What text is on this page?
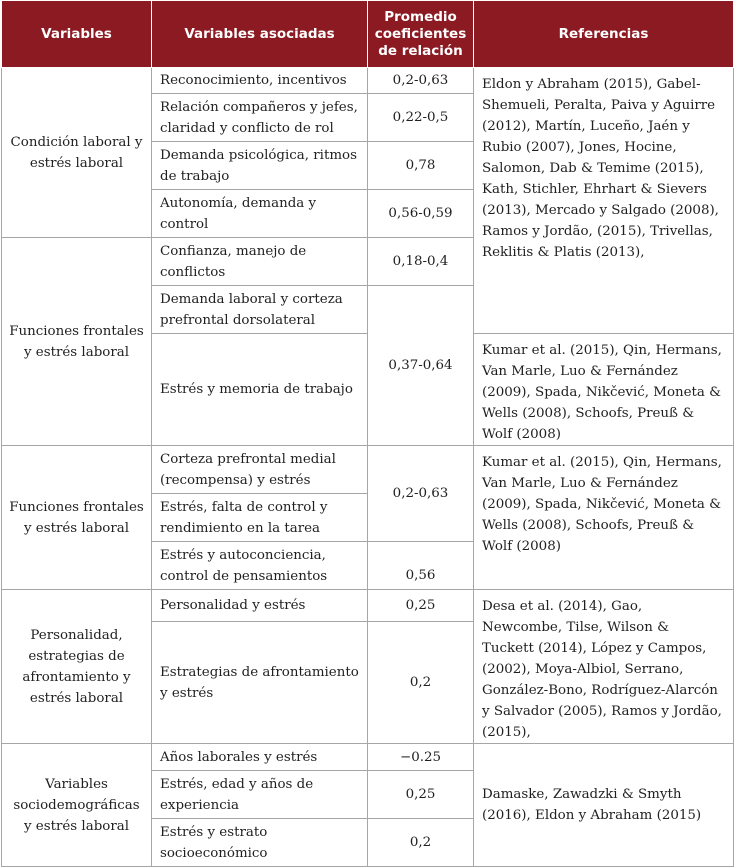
Variables	Variables asociadas	Promedio coeficientes de relación	Referencias
Condición laboral y estrés laboral	Reconocimiento, incentivos	0,2-0,63	Eldon y Abraham (2015), Gabel-Shemueli, Peralta, Paiva y Aguirre (2012), Martín, Luceño, Jaén y Rubio (2007), Jones, Hocine, Salomon, Dab & Temime (2015), Kath, Stichler, Ehrhart & Sievers (2013), Mercado y Salgado (2008), Ramos y Jordão, (2015), Trivellas, Reklitis & Platis (2013),
	Relación compañeros y jefes, claridad y conflicto de rol	0,22-0,5	
	Demanda psicológica, ritmos de trabajo	0,78	
	Autonomía, demanda y control	0,56-0,59	
Funciones frontales y estrés laboral	Confianza, manejo de conflictos	0,18-0,4	
	Demanda laboral y corteza prefrontal dorsolateral	0,37-0,64	
	Estrés y memoria de trabajo		Kumar et al. (2015), Qin, Hermans, Van Marle, Luo & Fernández (2009), Spada, Nikčević, Moneta & Wells (2008), Schoofs, Preuß & Wolf (2008)
Funciones frontales y estrés laboral	Corteza prefrontal medial (recompensa) y estrés	0,2-0,63	Kumar et al. (2015), Qin, Hermans, Van Marle, Luo & Fernández (2009), Spada, Nikčević, Moneta & Wells (2008), Schoofs, Preuß & Wolf (2008)
	Estrés, falta de control y rendimiento en la tarea		
	Estrés y autoconciencia, control de pensamientos	0,56	
Personalidad, estrategias de afrontamiento y estrés laboral	Personalidad y estrés	0,25	Desa et al. (2014), Gao, Newcombe, Tilse, Wilson & Tuckett (2014), López y Campos, (2002), Moya-Albiol, Serrano, González-Bono, Rodríguez-Alarcón y Salvador (2005), Ramos y Jordão, (2015),
	Estrategias de afrontamiento y estrés	0,2	
Variables sociodemográficas y estrés laboral	Años laborales y estrés	−0.25	Damaske, Zawadzki & Smyth (2016), Eldon y Abraham (2015)
	Estrés, edad y años de experiencia	0,25	
	Estrés y estrato socioeconómico	0,2	
